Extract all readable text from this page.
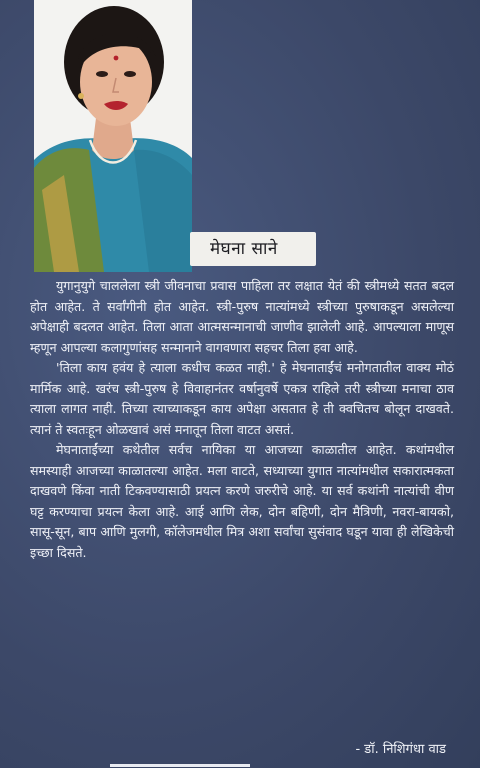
मेघना साने

युगानुयुगे चाललेला स्त्री जीवनाचा प्रवास पाहिला तर लक्षात येतं की स्त्रीमध्ये सतत बदल होत आहेत. ते सर्वांगीनी होत आहेत. स्त्री-पुरुष नात्यांमध्ये स्त्रीच्या पुरुषाकडून असलेल्या अपेक्षाही बदलत आहेत. तिला आता आत्मसन्मानाची जाणीव झालेली आहे. आपल्याला माणूस म्हणून आपल्या कलागुणांसह सन्मानाने वागवणारा सहचर तिला हवा आहे.

'तिला काय हवंय हे त्याला कधीच कळत नाही.' हे मेघनाताईंचं मनोगतातील वाक्य मोठं मार्मिक आहे. खरंच स्त्री-पुरुष हे विवाहानंतर वर्षानुवर्षे एकत्र राहिले तरी स्त्रीच्या मनाचा ठाव त्याला लागत नाही. तिच्या त्याच्याकडून काय अपेक्षा असतात हे ती क्वचितच बोलून दाखवते. त्यानं ते स्वतःहून ओळखावं असं मनातून तिला वाटत असतं.

मेघनाताईंच्या कथेतील सर्वच नायिका या आजच्या काळातील आहेत. कथांमधील समस्याही आजच्या काळातल्या आहेत. मला वाटते, सध्याच्या युगात नात्यांमधील सकारात्मकता दाखवणे किंवा नाती टिकवण्यासाठी प्रयत्न करणे जरुरीचे आहे. या सर्व कथांनी नात्यांची वीण घट्ट करण्याचा प्रयत्न केला आहे. आई आणि लेक, दोन बहिणी, दोन मैत्रिणी, नवरा-बायको, सासू-सून, बाप आणि मुलगी, कॉलेजमधील मित्र अशा सर्वांचा सुसंवाद घडून यावा ही लेखिकेची इच्छा दिसते.

- डॉ. निशिगंधा वाड
